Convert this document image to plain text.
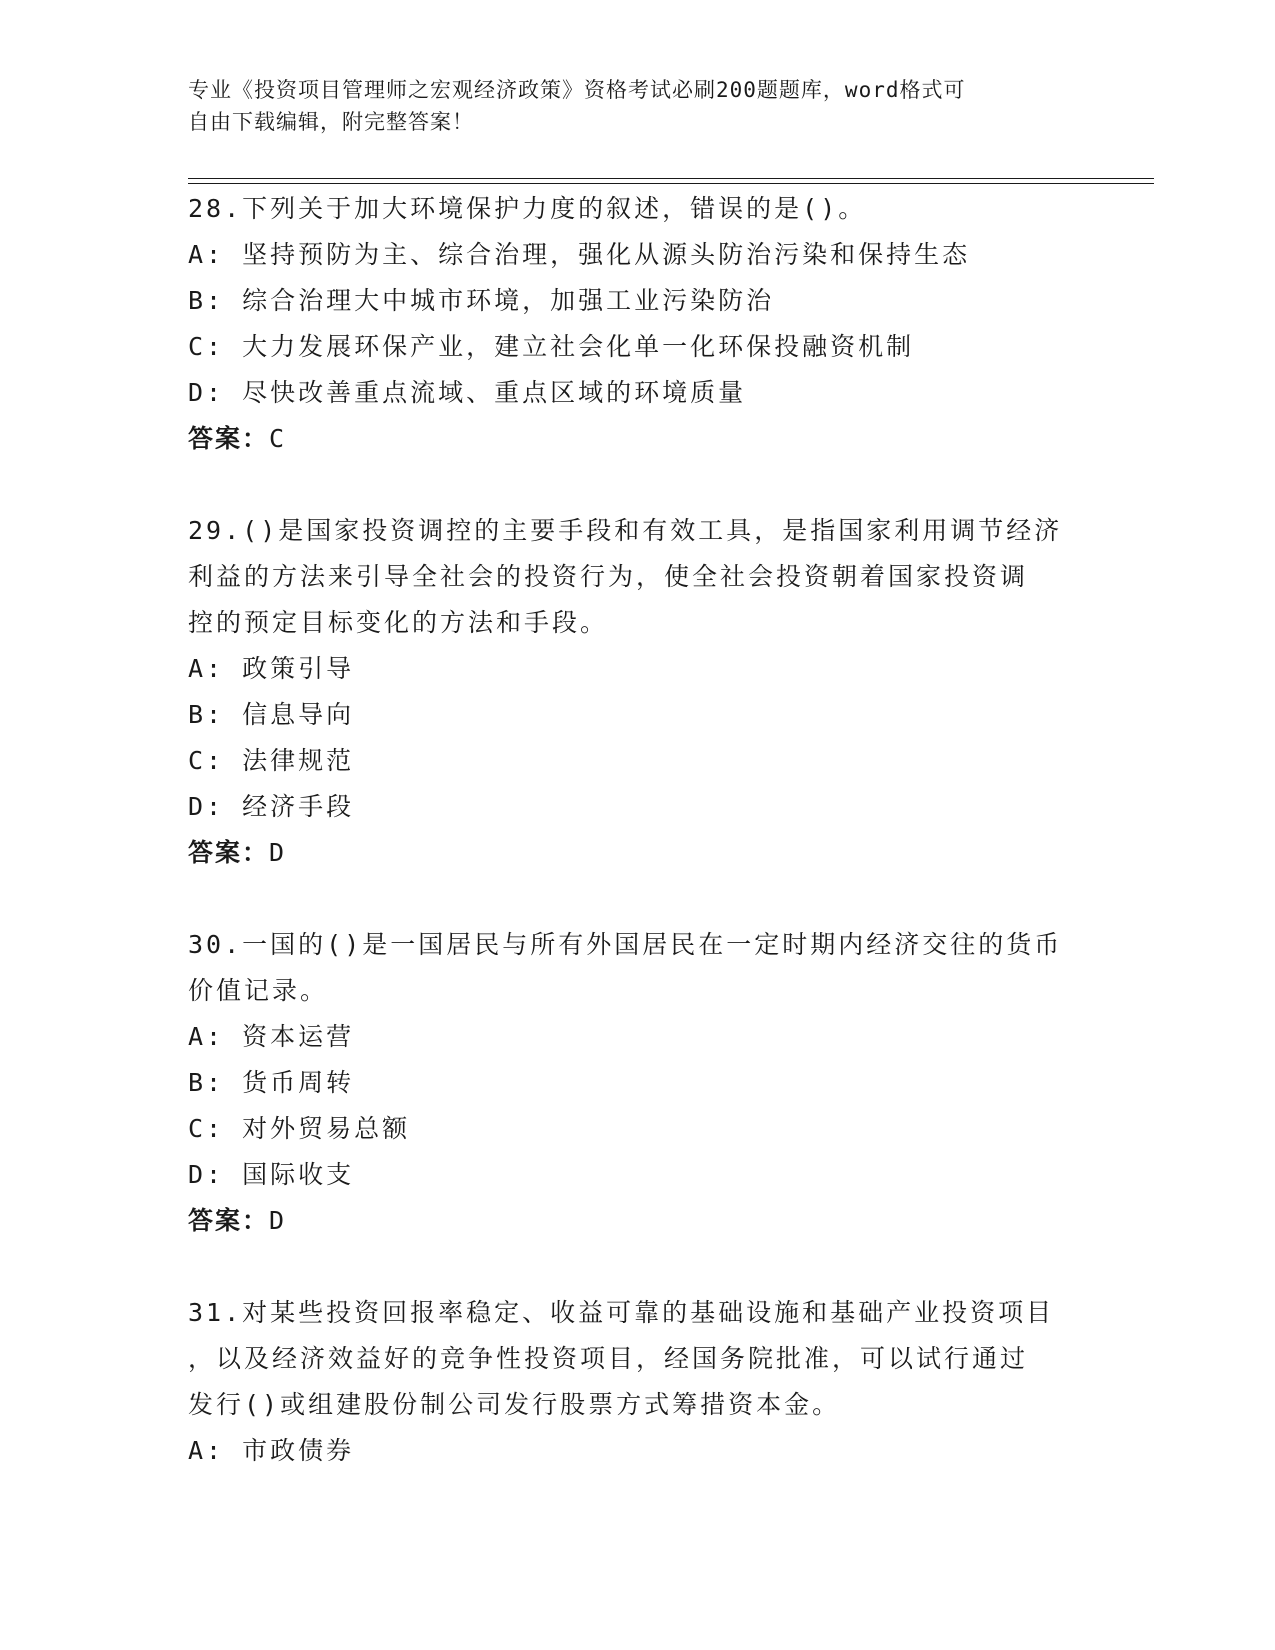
专业《投资项目管理师之宏观经济政策》资格考试必刷200题题库，word格式可
自由下载编辑，附完整答案！
28.下列关于加大环境保护力度的叙述，错误的是()。
A: 坚持预防为主、综合治理，强化从源头防治污染和保持生态
B: 综合治理大中城市环境，加强工业污染防治
C: 大力发展环保产业，建立社会化单一化环保投融资机制
D: 尽快改善重点流域、重点区域的环境质量
答案：C
29.()是国家投资调控的主要手段和有效工具，是指国家利用调节经济
利益的方法来引导全社会的投资行为，使全社会投资朝着国家投资调
控的预定目标变化的方法和手段。
A: 政策引导
B: 信息导向
C: 法律规范
D: 经济手段
答案：D
30.一国的()是一国居民与所有外国居民在一定时期内经济交往的货币
价值记录。
A: 资本运营
B: 货币周转
C: 对外贸易总额
D: 国际收支
答案：D
31.对某些投资回报率稳定、收益可靠的基础设施和基础产业投资项目
，以及经济效益好的竞争性投资项目，经国务院批准，可以试行通过
发行()或组建股份制公司发行股票方式筹措资本金。
A: 市政债券
